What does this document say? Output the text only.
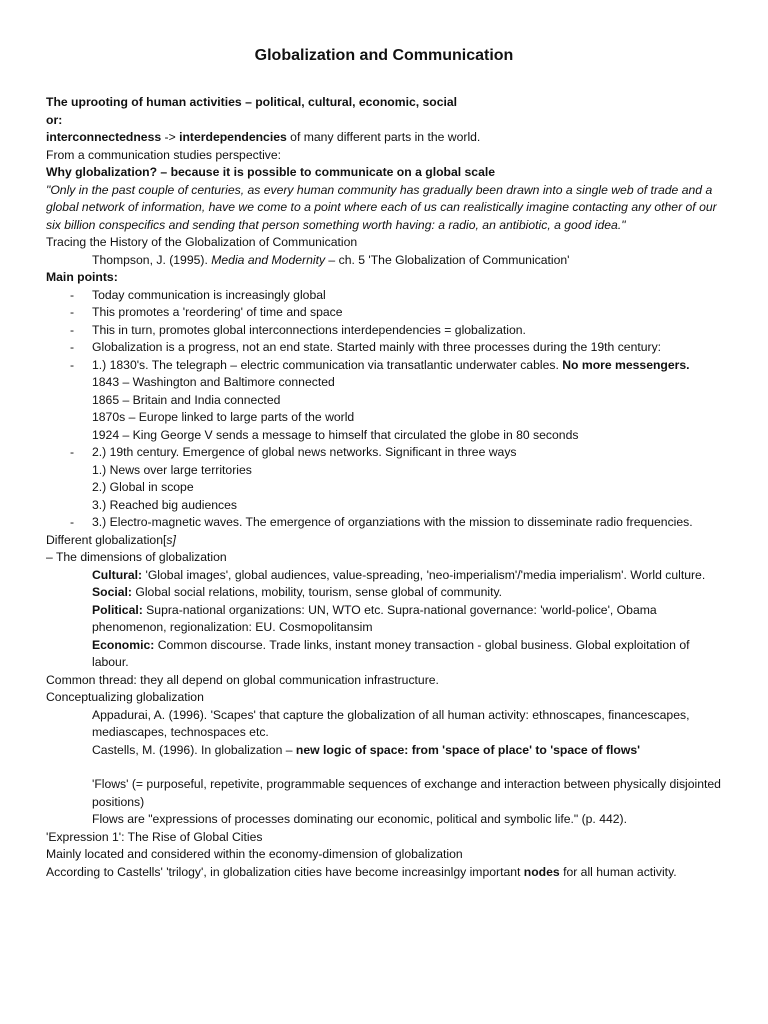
Globalization and Communication
The uprooting of human activities – political, cultural, economic, social
or:
interconnectedness -> interdependencies of many different parts in the world.
From a communication studies perspective:
Why globalization? – because it is possible to communicate on a global scale
"Only in the past couple of centuries, as every human community has gradually been drawn into a single web of trade and a global network of information, have we come to a point where each of us can realistically imagine contacting any other of our six billion conspecifics and sending that person something worth having: a radio, an antibiotic, a good idea."
Tracing the History of the Globalization of Communication
Thompson, J. (1995). Media and Modernity – ch. 5 'The Globalization of Communication'
Main points:
- Today communication is increasingly global
- This promotes a 'reordering' of time and space
- This in turn, promotes global interconnections interdependencies = globalization.
- Globalization is a progress, not an end state. Started mainly with three processes during the 19th century:
- 1.) 1830's. The telegraph – electric communication via transatlantic underwater cables. No more messengers.
1843 – Washington and Baltimore connected
1865 – Britain and India connected
1870s – Europe linked to large parts of the world
1924 – King George V sends a message to himself that circulated the globe in 80 seconds
- 2.) 19th century. Emergence of global news networks. Significant in three ways
1.) News over large territories
2.) Global in scope
3.) Reached big audiences
- 3.) Electro-magnetic waves. The emergence of organziations with the mission to disseminate radio frequencies.
Different globalization[s]
– The dimensions of globalization
Cultural: 'Global images', global audiences, value-spreading, 'neo-imperialism'/'media imperialism'. World culture.
Social: Global social relations, mobility, tourism, sense global of community.
Political: Supra-national organizations: UN, WTO etc. Supra-national governance: 'world-police', Obama phenomenon, regionalization: EU. Cosmopolitansim
Economic: Common discourse. Trade links, instant money transaction - global business. Global exploitation of labour.
Common thread: they all depend on global communication infrastructure.
Conceptualizing globalization
Appadurai, A. (1996). 'Scapes' that capture the globalization of all human activity: ethnoscapes, financescapes, mediascapes, technospaces etc.
Castells, M. (1996). In globalization – new logic of space: from 'space of place' to 'space of flows'
'Flows' (= purposeful, repetivite, programmable sequences of exchange and interaction between physically disjointed positions)
Flows are "expressions of processes dominating our economic, political and symbolic life." (p. 442).
'Expression 1': The Rise of Global Cities
Mainly located and considered within the economy-dimension of globalization
According to Castells' 'trilogy', in globalization cities have become increasinlgy important nodes for all human activity.
